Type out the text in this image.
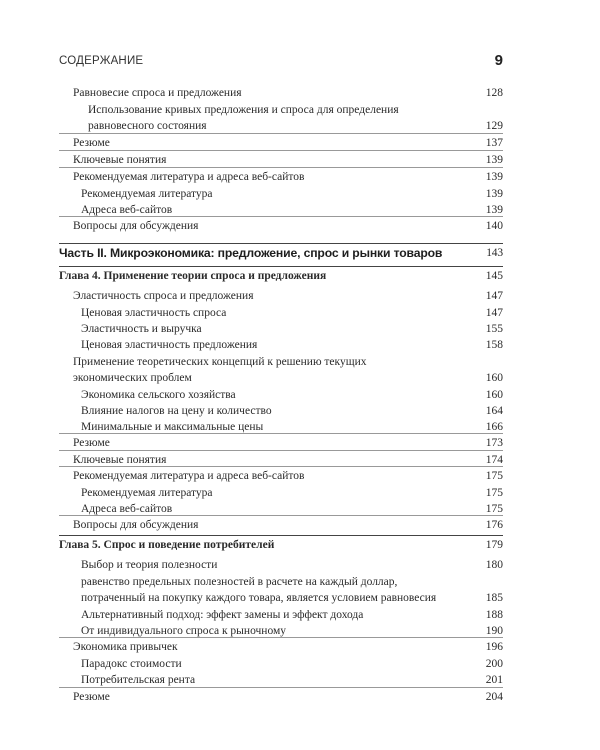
СОДЕРЖАНИЕ	9
Равновесие спроса и предложения	128
Использование кривых предложения и спроса для определения
равновесного состояния	129
Резюме	137
Ключевые понятия	139
Рекомендуемая литература и адреса веб-сайтов	139
Рекомендуемая литература	139
Адреса веб-сайтов	139
Вопросы для обсуждения	140
Часть II. Микроэкономика: предложение, спрос и рынки товаров	143
Глава 4. Применение теории спроса и предложения	145
Эластичность спроса и предложения	147
Ценовая эластичность спроса	147
Эластичность и выручка	155
Ценовая эластичность предложения	158
Применение теоретических концепций к решению текущих
экономических проблем	160
Экономика сельского хозяйства	160
Влияние налогов на цену и количество	164
Минимальные и максимальные цены	166
Резюме	173
Ключевые понятия	174
Рекомендуемая литература и адреса веб-сайтов	175
Рекомендуемая литература	175
Адреса веб-сайтов	175
Вопросы для обсуждения	176
Глава 5. Спрос и поведение потребителей	179
Выбор и теория полезности	180
равенство предельных полезностей в расчете на каждый доллар,
потраченный на покупку каждого товара, является условием равновесия	185
Альтернативный подход: эффект замены и эффект дохода	188
От индивидуального спроса к рыночному	190
Экономика привычек	196
Парадокс стоимости	200
Потребительская рента	201
Резюме	204
